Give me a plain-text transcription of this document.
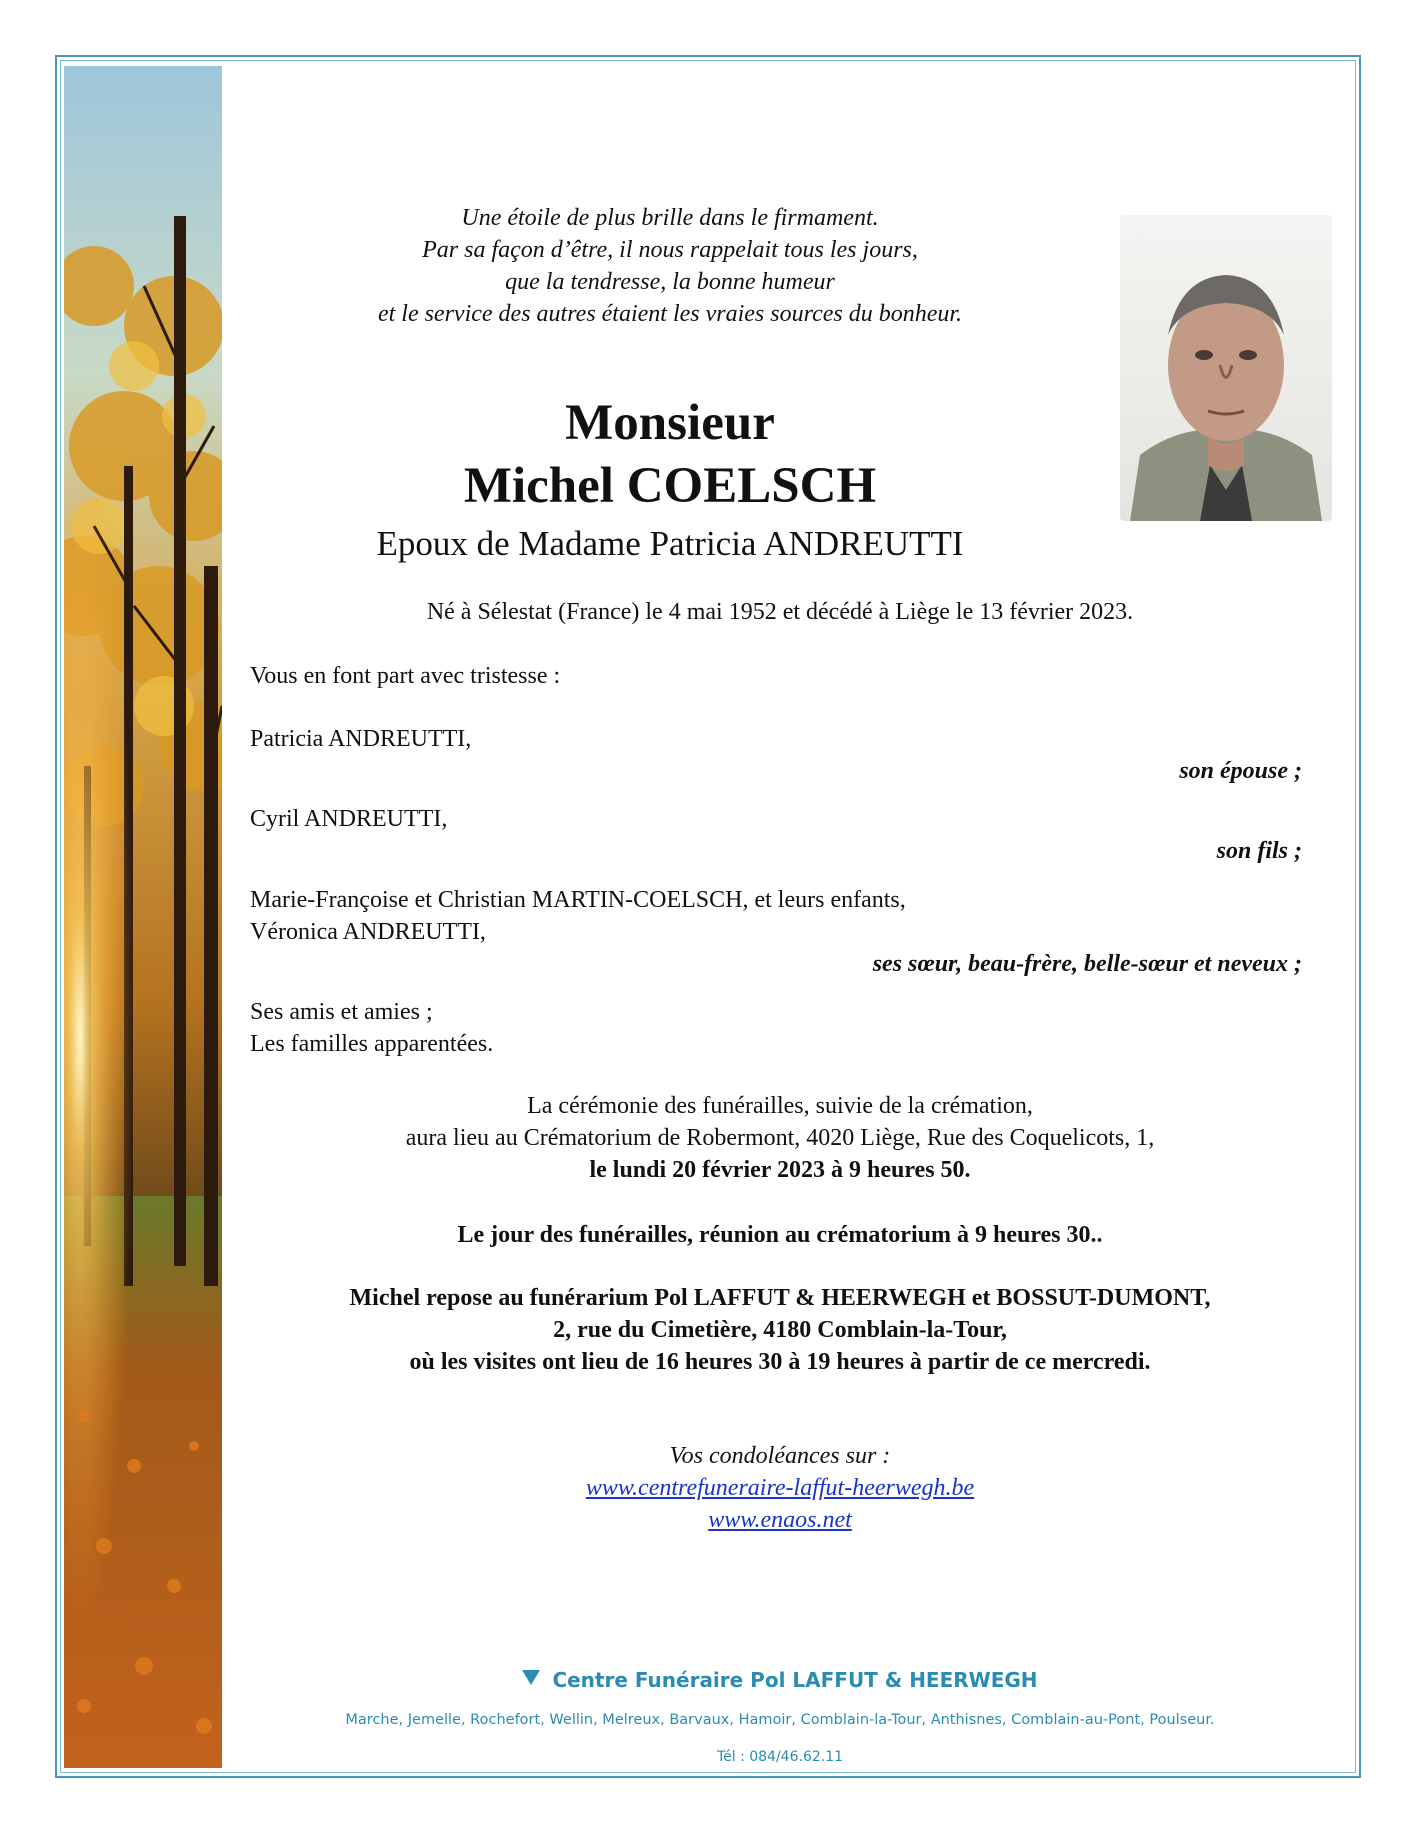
Une étoile de plus brille dans le firmament.
Par sa façon d’être, il nous rappelait tous les jours,
que la tendresse, la bonne humeur
et le service des autres étaient les vraies sources du bonheur.
Monsieur
Michel COELSCH
Epoux de Madame Patricia ANDREUTTI
Né à Sélestat (France) le 4 mai 1952 et décédé à Liège le 13 février 2023.
Vous en font part avec tristesse :
Patricia ANDREUTTI,
son épouse ;
Cyril ANDREUTTI,
son fils ;
Marie-Françoise et Christian MARTIN-COELSCH, et leurs enfants,
Véronica ANDREUTTI,
ses sœur, beau-frère, belle-sœur et neveux ;
Ses amis et amies ;
Les familles apparentées.
La cérémonie des funérailles, suivie de la crémation,
aura lieu au Crématorium de Robermont, 4020 Liège, Rue des Coquelicots, 1,
le lundi 20 février 2023 à 9 heures 50.
Le jour des funérailles, réunion au crématorium à 9 heures 30..
Michel repose au funérarium Pol LAFFUT & HEERWEGH et BOSSUT-DUMONT,
2, rue du Cimetière, 4180 Comblain-la-Tour,
où les visites ont lieu de 16 heures 30 à 19 heures à partir de ce mercredi.
Vos condoléances sur :
www.centrefuneraire-laffut-heerwegh.be
www.enaos.net
Centre Funéraire Pol LAFFUT & HEERWEGH
Marche, Jemelle, Rochefort, Wellin, Melreux, Barvaux, Hamoir, Comblain-la-Tour, Anthisnes, Comblain-au-Pont, Poulseur.
Tél : 084/46.62.11
